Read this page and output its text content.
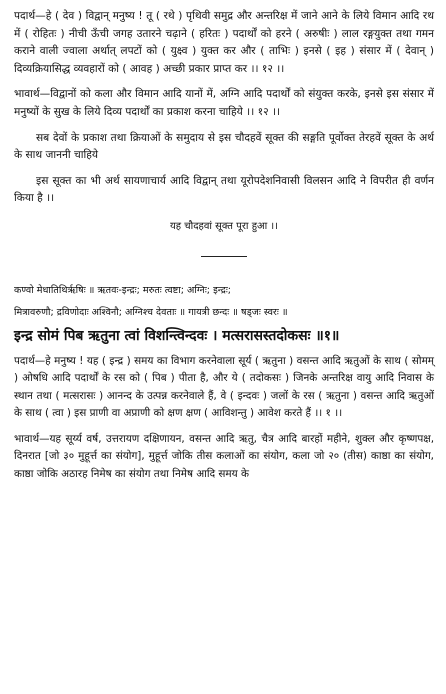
पदार्थ—हे ( देव ) विद्वान् मनुष्य ! तू ( रथे ) पृथिवी समुद्र और अन्तरिक्ष में जाने आने के लिये विमान आदि रथ में ( रोहितः ) नीची ऊँची जगह उतारने चढ़ाने ( हरितः ) पदार्थों को हरने ( अरुषीः ) लाल रङ्गयुक्त तथा गमन कराने वाली ज्वाला अर्थात् लपटों को ( युक्ष्व ) युक्त कर और ( ताभिः ) इनसे ( इह ) संसार में ( देवान् ) दिव्यक्रियासिद्ध व्यवहारों को ( आवह ) अच्छी प्रकार प्राप्त कर ।। १२ ।।

भावार्थ—विद्वानों को कला और विमान आदि यानों में, अग्नि आदि पदार्थों को संयुक्त करके, इनसे इस संसार में मनुष्यों के सुख के लिये दिव्य पदार्थों का प्रकाश करना चाहिये ।। १२ ।।

सब देवों के प्रकाश तथा क्रियाओं के समुदाय से इस चौदहवें सूक्त की सङ्गति पूर्वोक्त तेरहवें सूक्त के अर्थ के साथ जाननी चाहिये

इस सूक्त का भी अर्थ सायणाचार्य आदि विद्वान् तथा यूरोपदेशनिवासी विलसन आदि ने विपरीत ही वर्णन किया है ।।

यह चौदहवां सूक्त पूरा हुआ ।।

कण्वो मेधातिथिर्ऋषिः ॥ ऋतवः-इन्द्रः; मरुतः त्वष्टा; अग्निः; इन्द्रः;

मित्रावरुणौ; द्रविणोदाः अश्विनौ; अग्निश्च देवताः ॥ गायत्री छन्दः ॥ षड्जः स्वरः ॥

इन्द्र सोमं पिब ऋतुना त्वां विशन्त्विन्दवः । मत्सरासस्तदोकसः ॥१॥

पदार्थ—हे मनुष्य ! यह ( इन्द्र ) समय का विभाग करनेवाला सूर्य ( ऋतुना ) वसन्त आदि ऋतुओं के साथ ( सोमम् ) ओषधि आदि पदार्थों के रस को ( पिब ) पीता है, और ये ( तदोकसः ) जिनके अन्तरिक्ष वायु आदि निवास के स्थान तथा ( मत्सरासः ) आनन्द के उत्पन्न करनेवाले हैं, वे ( इन्दवः ) जलों के रस ( ऋतुना ) वसन्त आदि ऋतुओं के साथ ( त्वा ) इस प्राणी वा अप्राणी को क्षण क्षण ( आविशन्तु ) आवेश करते हैं ।। १ ।।

भावार्थ—यह सूर्य्य वर्ष, उत्तरायण दक्षिणायन, वसन्त आदि ऋतु, चैत्र आदि बारहों महीने, शुक्ल और कृष्णपक्ष, दिनरात [जो ३० मुहूर्त्त का संयोग], मुहूर्त्त जोकि तीस कलाओं का संयोग, कला जो २० (तीस) काष्ठा का संयोग, काष्ठा जोकि अठारह निमेष का संयोग तथा निमेष आदि समय के
